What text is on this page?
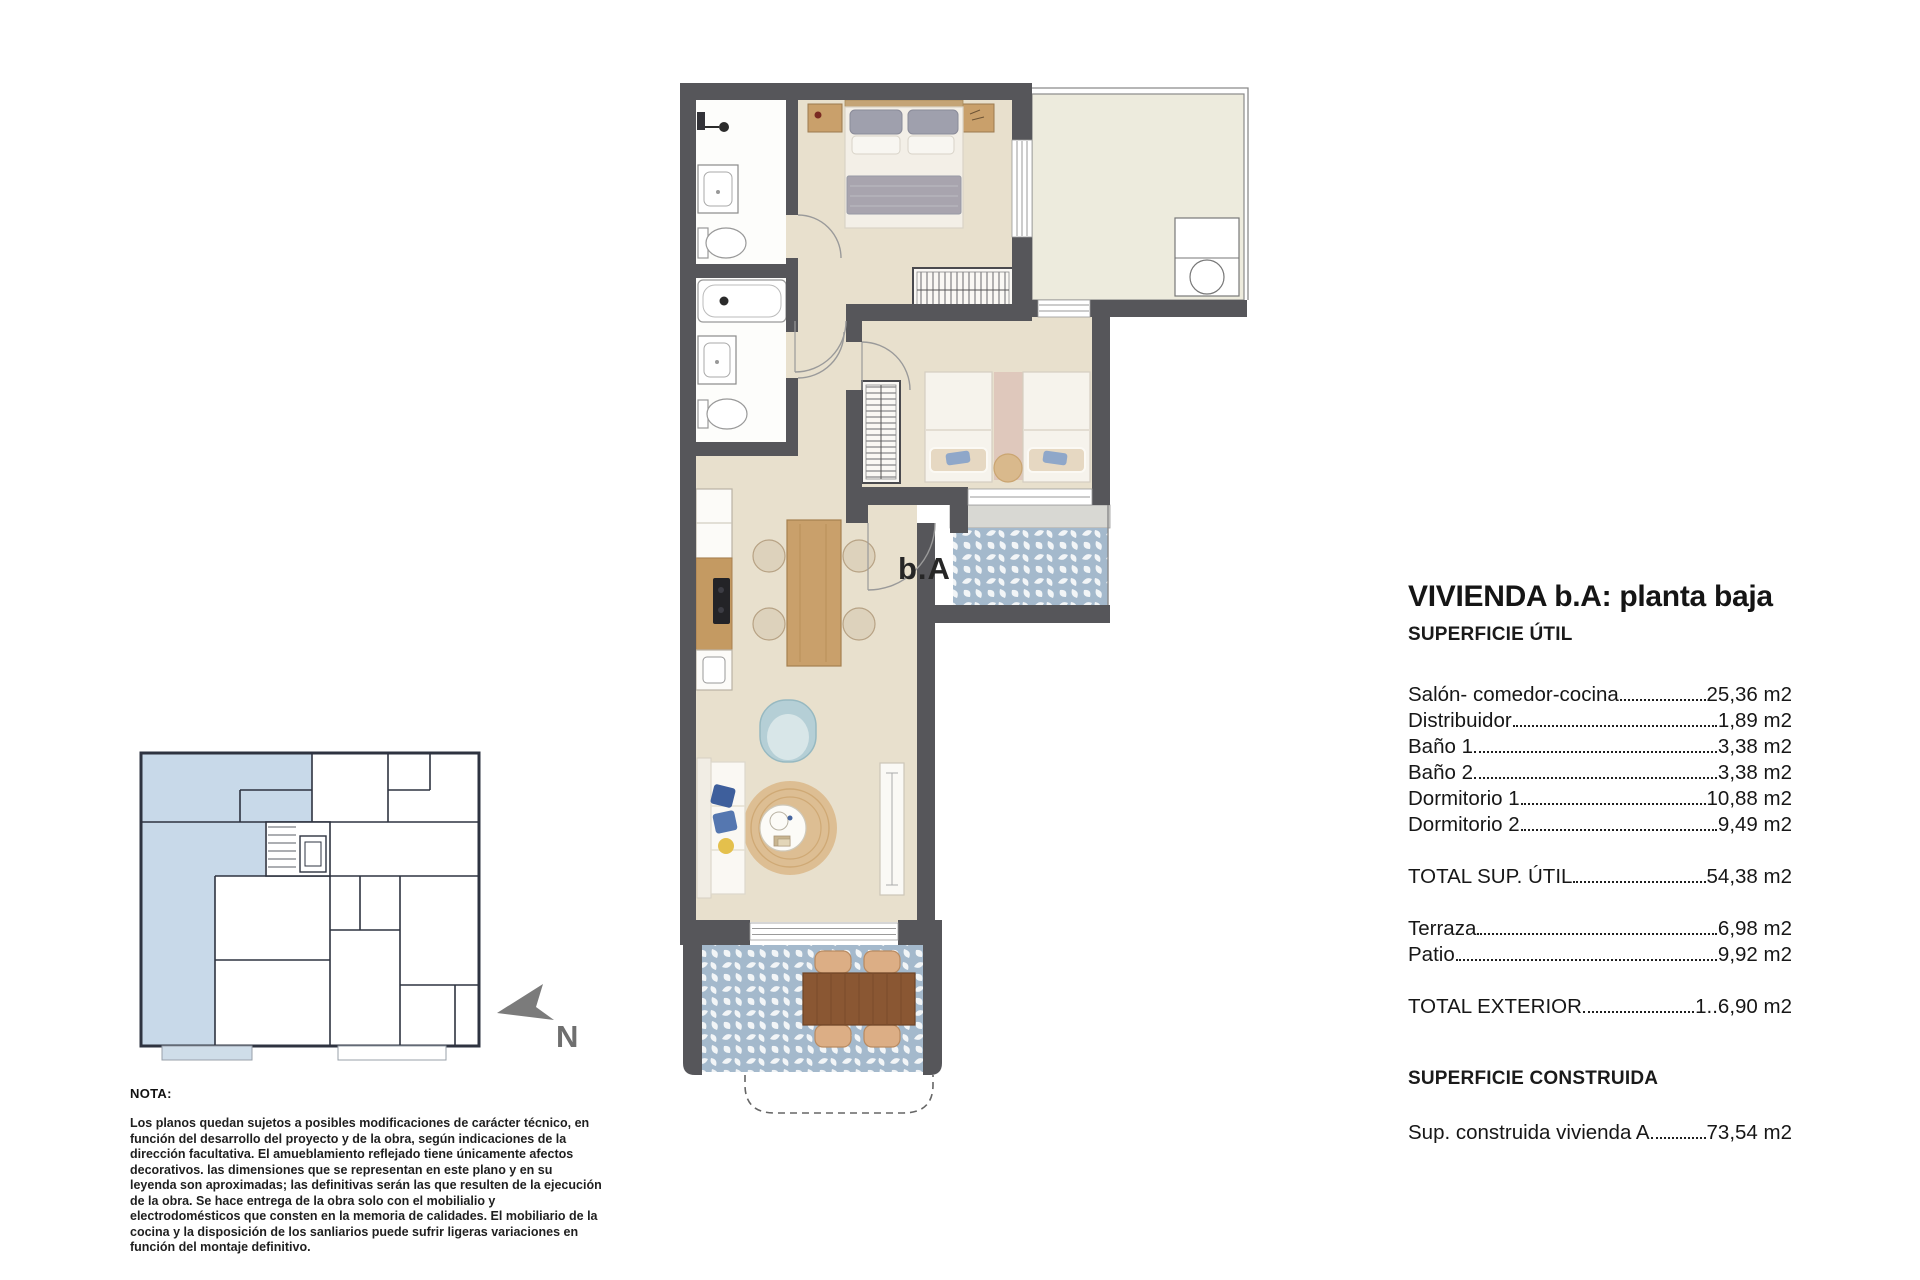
b.A
N
VIVIENDA b.A: planta baja
SUPERFICIE ÚTIL
Salón- comedor-cocina	25,36 m2
Distribuidor	1,89 m2
Baño 1	3,38 m2
Baño 2	3,38 m2
Dormitorio 1	10,88 m2
Dormitorio 2	9,49 m2
TOTAL SUP. ÚTIL	54,38 m2
Terraza	6,98 m2
Patio	9,92 m2
TOTAL EXTERIOR	1..6,90 m2
SUPERFICIE CONSTRUIDA
Sup. construida vivienda A	73,54 m2
NOTA:
Los planos quedan sujetos a posibles modificaciones de carácter técnico, en función del desarrollo del proyecto y de la obra, según indicaciones de la dirección facultativa. El amueblamiento reflejado tiene únicamente afectos decorativos. las dimensiones que se representan en este plano y en su leyenda son aproximadas; las definitivas serán las que resulten de la ejecución de la obra. Se hace entrega de la obra solo con el mobilialio y electrodomésticos que consten en la memoria de calidades. El mobiliario de la cocina y la disposición de los sanliarios puede sufrir ligeras variaciones en función del montaje definitivo.
